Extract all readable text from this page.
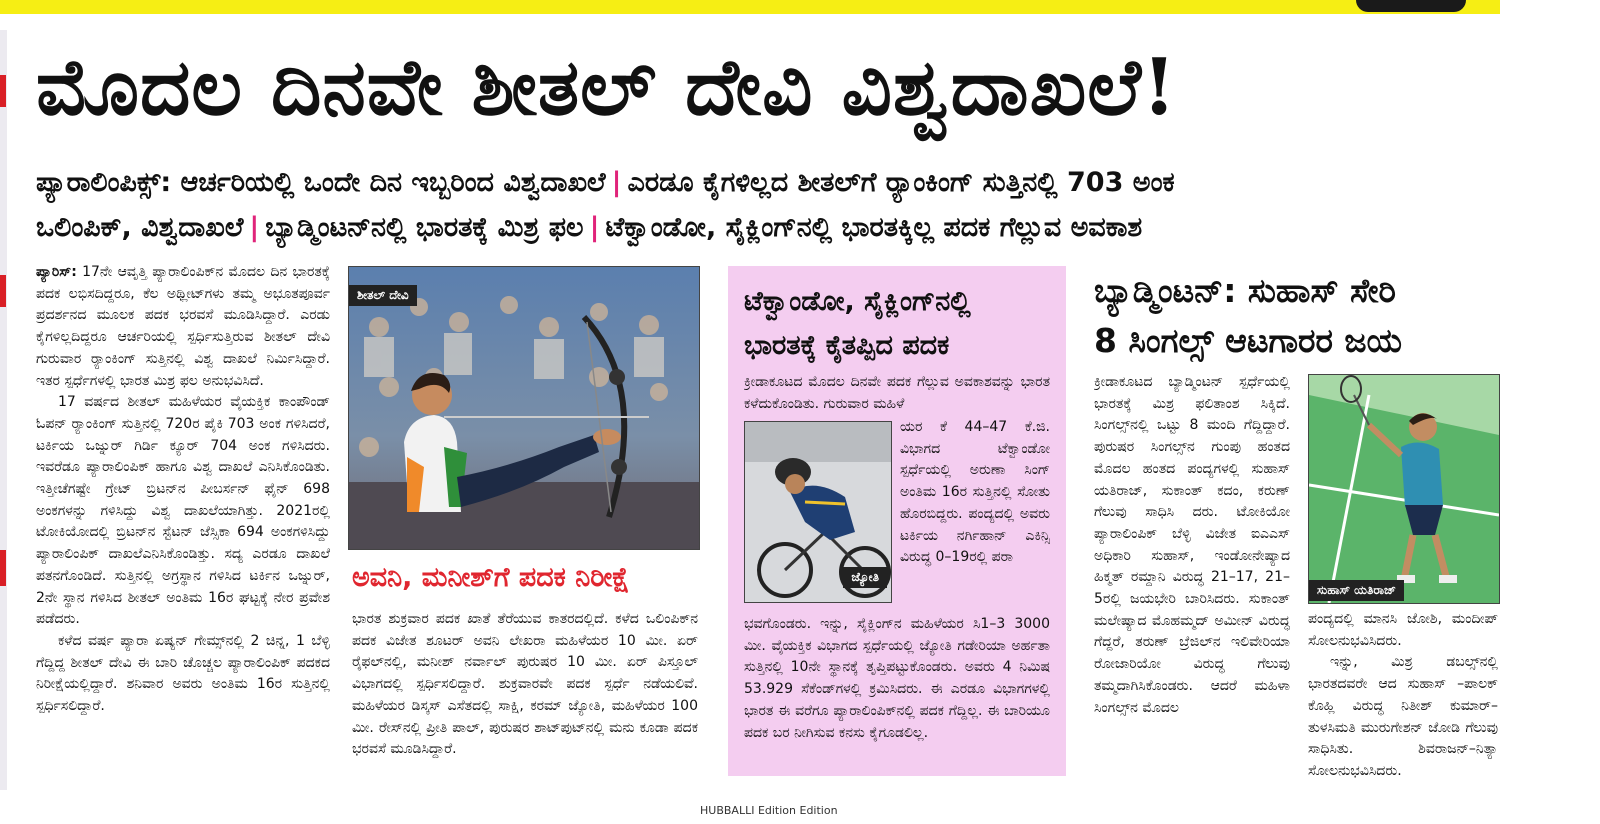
ಮೊದಲ ದಿನವೇ ಶೀತಲ್ ದೇವಿ ವಿಶ್ವದಾಖಲೆ!
ಪ್ಯಾರಾಲಿಂಪಿಕ್ಸ್: ಆರ್ಚರಿಯಲ್ಲಿ ಒಂದೇ ದಿನ ಇಬ್ಬರಿಂದ ವಿಶ್ವದಾಖಲೆ | ಎರಡೂ ಕೈಗಳಿಲ್ಲದ ಶೀತಲ್‌ಗೆ ರ‍್ಯಾಂಕಿಂಗ್ ಸುತ್ತಿನಲ್ಲಿ 703 ಅಂಕ
ಒಲಿಂಪಿಕ್, ವಿಶ್ವದಾಖಲೆ | ಬ್ಯಾಡ್ಮಿಂಟನ್‌ನಲ್ಲಿ ಭಾರತಕ್ಕೆ ಮಿಶ್ರ ಫಲ | ಟೆಕ್ವಾಂಡೋ, ಸೈಕ್ಲಿಂಗ್‌ನಲ್ಲಿ ಭಾರತಕ್ಕಿಲ್ಲ ಪದಕ ಗೆಲ್ಲುವ ಅವಕಾಶ

ಪ್ಯಾರಿಸ್: 17ನೇ ಆವೃತ್ತಿ ಪ್ಯಾರಾಲಿಂಪಿಕ್‌ನ ಮೊದಲ ದಿನ ಭಾರತಕ್ಕೆ ಪದಕ ಲಭಿಸದಿದ್ದರೂ, ಕೆಲ ಅಥ್ಲೀಟ್‌ಗಳು ತಮ್ಮ ಅಭೂತಪೂರ್ವ ಪ್ರದರ್ಶನದ ಮೂಲಕ ಪದಕ ಭರವಸೆ ಮೂಡಿಸಿದ್ದಾರೆ. ಎರಡು ಕೈಗಳಿಲ್ಲದಿದ್ದರೂ ಆರ್ಚರಿಯಲ್ಲಿ ಸ್ಪರ್ಧಿಸುತ್ತಿರುವ ಶೀತಲ್ ದೇವಿ ಗುರುವಾರ ರ‍್ಯಾಂಕಿಂಗ್ ಸುತ್ತಿನಲ್ಲಿ ವಿಶ್ವ ದಾಖಲೆ ನಿರ್ಮಿಸಿದ್ದಾರೆ. ಇತರ ಸ್ಪರ್ಧೆಗಳಲ್ಲಿ ಭಾರತ ಮಿಶ್ರ ಫಲ ಅನುಭವಿಸಿದೆ.

17 ವರ್ಷದ ಶೀತಲ್ ಮಹಿಳೆಯರ ವೈಯಕ್ತಿಕ ಕಾಂಪೌಂಡ್ ಓಪನ್ ರ‍್ಯಾಂಕಿಂಗ್ ಸುತ್ತಿನಲ್ಲಿ 720ರ ಪೈಕಿ 703 ಅಂಕ ಗಳಿಸಿದರೆ, ಟರ್ಕಿಯ ಒಜ್ನುರ್ ಗಿರ್ಡಿ ಕ್ಯೂರ್ 704 ಅಂಕ ಗಳಿಸಿದರು. ಇವರೆಡೂ ಪ್ಯಾರಾಲಿಂಪಿಕ್ ಹಾಗೂ ವಿಶ್ವ ದಾಖಲೆ ಎನಿಸಿಕೊಂಡಿತು. ಇತ್ತೀಚೆಗಷ್ಟೇ ಗ್ರೇಟ್ ಬ್ರಿಟನ್‌ನ ಪೀಬರ್ಸನ್ ಫೈನ್ 698 ಅಂಕಗಳನ್ನು ಗಳಿಸಿದ್ದು ವಿಶ್ವ ದಾಖಲೆಯಾಗಿತ್ತು. 2021ರಲ್ಲಿ ಟೋಕಿಯೋದಲ್ಲಿ ಬ್ರಿಟನ್‌ನ ಸ್ಟೆಟನ್ ಜೆಸ್ಸಿಕಾ 694 ಅಂಕಗಳಿಸಿದ್ದು ಪ್ಯಾರಾಲಿಂಪಿಕ್ ದಾಖಲೆಎನಿಸಿಕೊಂಡಿತ್ತು. ಸದ್ಯ ಎರಡೂ ದಾಖಲೆ ಪತನಗೊಂಡಿದೆ. ಸುತ್ತಿನಲ್ಲಿ ಅಗ್ರಸ್ಥಾನ ಗಳಿಸಿದ ಟರ್ಕಿನ ಒಜ್ನುರ್, 2ನೇ ಸ್ಥಾನ ಗಳಿಸಿದ ಶೀತಲ್ ಅಂತಿಮ 16ರ ಘಟ್ಟಕ್ಕೆ ನೇರ ಪ್ರವೇಶ ಪಡೆದರು.

ಕಳೆದ ವರ್ಷ ಪ್ಯಾರಾ ಏಷ್ಯನ್ ಗೇಮ್ಸ್‌ನಲ್ಲಿ 2 ಚಿನ್ನ, 1 ಬೆಳ್ಳಿ ಗೆದ್ದಿದ್ದ ಶೀತಲ್ ದೇವಿ ಈ ಬಾರಿ ಚೊಚ್ಚಲ ಪ್ಯಾರಾಲಿಂಪಿಕ್ ಪದಕದ ನಿರೀಕ್ಷೆಯಲ್ಲಿದ್ದಾರೆ. ಶನಿವಾರ ಅವರು ಅಂತಿಮ 16ರ ಸುತ್ತಿನಲ್ಲಿ ಸ್ಪರ್ಧಿಸಲಿದ್ದಾರೆ.

ಶೀತಲ್ ದೇವಿ
ಅವನಿ, ಮನೀಶ್‌ಗೆ ಪದಕ ನಿರೀಕ್ಷೆ

ಭಾರತ ಶುಕ್ರವಾರ ಪದಕ ಖಾತೆ ತೆರೆಯುವ ಕಾತರದಲ್ಲಿದೆ. ಕಳೆದ ಒಲಿಂಪಿಕ್‌ನ ಪದಕ ವಿಜೇತ ಶೂಟರ್ ಅವನಿ ಲೇಖರಾ ಮಹಿಳೆಯರ 10 ಮೀ. ಏರ್ ರೈಫಲ್‌ನಲ್ಲಿ, ಮನೀಶ್ ನರ್ವಾಲ್ ಪುರುಷರ 10 ಮೀ. ಏರ್ ಪಿಸ್ತೂಲ್ ವಿಭಾಗದಲ್ಲಿ ಸ್ಪರ್ಧಿಸಲಿದ್ದಾರೆ. ಶುಕ್ರವಾರವೇ ಪದಕ ಸ್ಪರ್ಧೆ ನಡೆಯಲಿವೆ. ಮಹಿಳೆಯರ ಡಿಸ್ಕಸ್ ಎಸೆತದಲ್ಲಿ ಸಾಕ್ಷಿ, ಕರಮ್ ಜ್ಯೋತಿ, ಮಹಿಳೆಯರ 100 ಮೀ. ರೇಸ್‌ನಲ್ಲಿ ಪ್ರೀತಿ ಪಾಲ್, ಪುರುಷರ ಶಾಟ್‌ಪುಟ್‌ನಲ್ಲಿ ಮನು ಕೂಡಾ ಪದಕ ಭರವಸೆ ಮೂಡಿಸಿದ್ದಾರೆ.

ಟೆಕ್ವಾಂಡೋ, ಸೈಕ್ಲಿಂಗ್‌ನಲ್ಲಿ
ಭಾರತಕ್ಕೆ ಕೈತಪ್ಪಿದ ಪದಕ

ಕ್ರೀಡಾಕೂಟದ ಮೊದಲ ದಿನವೇ ಪದಕ ಗೆಲ್ಲುವ ಅವಕಾಶವನ್ನು ಭಾರತ ಕಳೆದುಕೊಂಡಿತು. ಗುರುವಾರ ಮಹಿಳೆ

ಜ್ಯೋತಿ

ಯರ ಕೆ 44–47 ಕೆ.ಜಿ. ವಿಭಾಗದ ಟೆಕ್ವಾಂಡೋ ಸ್ಪರ್ಧೆಯಲ್ಲಿ ಅರುಣಾ ಸಿಂಗ್ ಅಂತಿಮ 16ರ ಸುತ್ತಿನಲ್ಲಿ ಸೋತು ಹೊರಬಿದ್ದರು. ಪಂದ್ಯದಲ್ಲಿ ಅವರು ಟರ್ಕಿಯ ನರ್ಗಿಹಾನ್ ಎಕಿನ್ಸಿ ವಿರುದ್ಧ 0–19ರಲ್ಲಿ ಪರಾ

ಭವಗೊಂಡರು. ಇನ್ನು, ಸೈಕ್ಲಿಂಗ್‌ನ ಮಹಿಳೆಯರ ಸಿ1–3 3000 ಮೀ. ವೈಯಕ್ತಿಕ ವಿಭಾಗದ ಸ್ಪರ್ಧೆಯಲ್ಲಿ ಜ್ಯೋತಿ ಗಡೇರಿಯಾ ಅರ್ಹತಾ ಸುತ್ತಿನಲ್ಲಿ 10ನೇ ಸ್ಥಾನಕ್ಕೆ ತೃಪ್ತಿಪಟ್ಟುಕೊಂಡರು. ಅವರು 4 ನಿಮಿಷ 53.929 ಸೆಕೆಂಡ್‌ಗಳಲ್ಲಿ ಕ್ರಮಿಸಿದರು. ಈ ಎರಡೂ ವಿಭಾಗಗಳಲ್ಲಿ ಭಾರತ ಈ ವರೆಗೂ ಪ್ಯಾರಾಲಿಂಪಿಕ್‌ನಲ್ಲಿ ಪದಕ ಗೆದ್ದಿಲ್ಲ. ಈ ಬಾರಿಯೂ ಪದಕ ಬರ ನೀಗಿಸುವ ಕನಸು ಕೈಗೂಡಲಿಲ್ಲ.

ಬ್ಯಾಡ್ಮಿಂಟನ್: ಸುಹಾಸ್ ಸೇರಿ
8 ಸಿಂಗಲ್ಸ್ ಆಟಗಾರರ ಜಯ

ಕ್ರೀಡಾಕೂಟದ ಬ್ಯಾಡ್ಮಿಂಟನ್ ಸ್ಪರ್ಧೆಯಲ್ಲಿ ಭಾರತಕ್ಕೆ ಮಿಶ್ರ ಫಲಿತಾಂಶ ಸಿಕ್ಕಿದೆ. ಸಿಂಗಲ್ಸ್‌ನಲ್ಲಿ ಒಟ್ಟು 8 ಮಂದಿ ಗೆದ್ದಿದ್ದಾರೆ. ಪುರುಷರ ಸಿಂಗಲ್ಸ್‌ನ ಗುಂಪು ಹಂತದ ಮೊದಲ ಹಂತದ ಪಂದ್ಯಗಳಲ್ಲಿ ಸುಹಾಸ್ ಯತಿರಾಜ್, ಸುಕಾಂತ್ ಕದಂ, ಕರುಣ್ ಗೆಲುವು ಸಾಧಿಸಿ ದರು. ಟೋಕಿಯೋ ಪ್ಯಾರಾಲಿಂಪಿಕ್ ಬೆಳ್ಳಿ ವಿಜೇತ ಐಎಎಸ್ ಅಧಿಕಾರಿ ಸುಹಾಸ್, ಇಂಡೋನೇಷ್ಯಾದ ಹಿಕ್ಮತ್ ರಮ್ದಾನಿ ವಿರುದ್ಧ 21–17, 21–5ರಲ್ಲಿ ಜಯಭೇರಿ ಬಾರಿಸಿದರು. ಸುಕಾಂತ್ ಮಲೇಷ್ಯಾದ ಮೊಹಮ್ಮದ್ ಅಮೀನ್ ವಿರುದ್ಧ ಗೆದ್ದರೆ, ತರುಣ್ ಬ್ರೆಜಿಲ್‌ನ ಇಲಿವೇರಿಯಾ ರೋಜಾರಿಯೋ ವಿರುದ್ಧ ಗೆಲುವು ತಮ್ಮದಾಗಿಸಿಕೊಂಡರು. ಆದರೆ ಮಹಿಳಾ ಸಿಂಗಲ್ಸ್‌ನ ಮೊದಲ

ಸುಹಾಸ್ ಯತಿರಾಜ್

ಪಂದ್ಯದಲ್ಲಿ ಮಾನಸಿ ಜೋಶಿ, ಮಂದೀಪ್ ಸೋಲನುಭವಿಸಿದರು.

ಇನ್ನು, ಮಿಶ್ರ ಡಬಲ್ಸ್‌ನಲ್ಲಿ ಭಾರತದವರೇ ಆದ ಸುಹಾಸ್ –ಪಾಲಕ್ ಕೊಹ್ಲಿ ವಿರುದ್ಧ ನಿತೀಶ್ ಕುಮಾರ್–ತುಳಸಿಮತಿ ಮುರುಗೇಶನ್ ಜೋಡಿ ಗೆಲುವು ಸಾಧಿಸಿತು. ಶಿವರಾಜನ್–ನಿತ್ಯಾ ಸೋಲನುಭವಿಸಿದರು.

HUBBALLI Edition Edition
